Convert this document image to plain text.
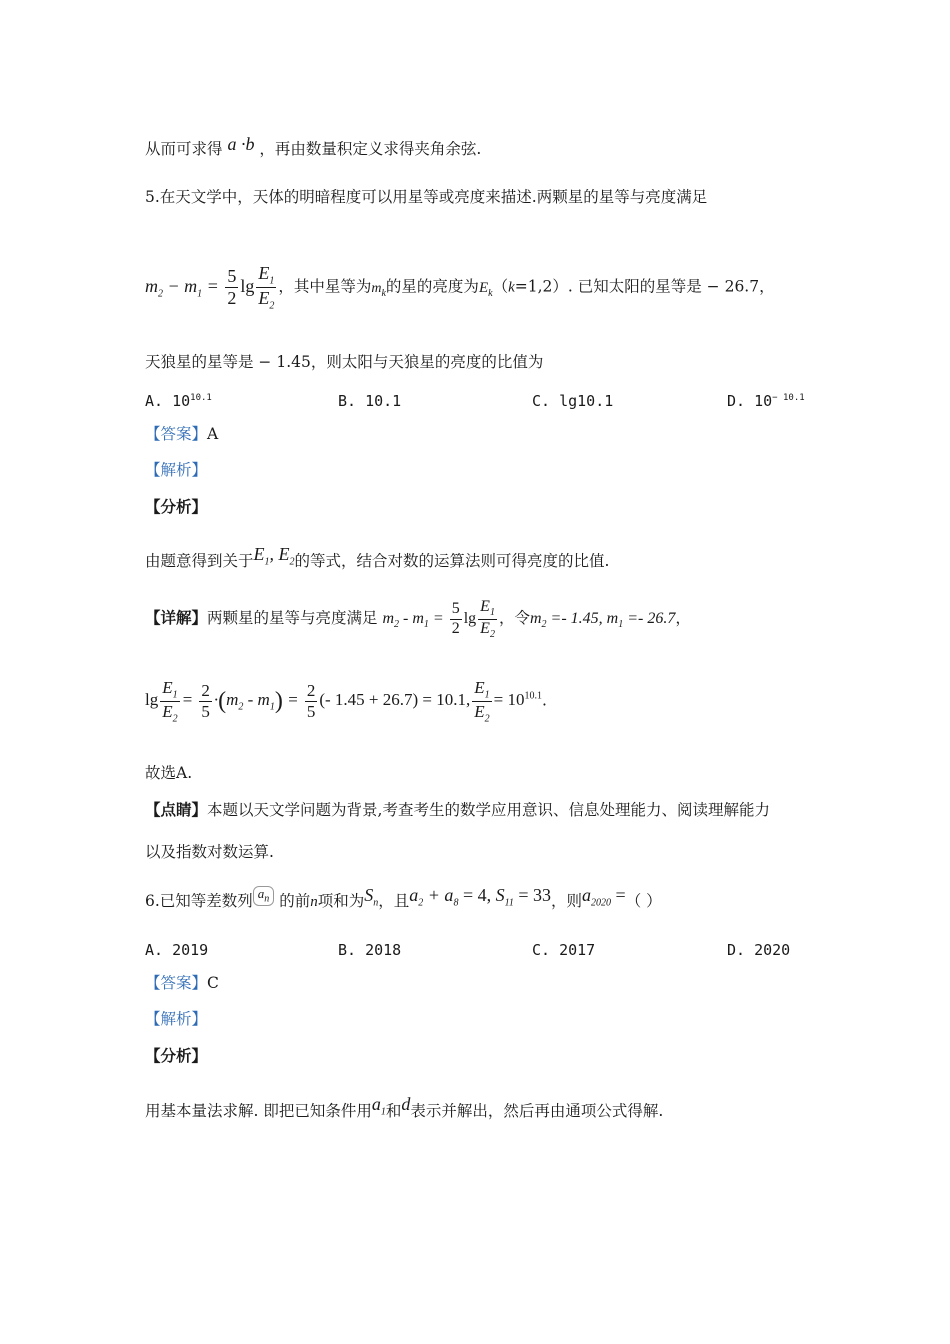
从而可求得 a ·b ，再由数量积定义求得夹角余弦.
5.在天文学中，天体的明暗程度可以用星等或亮度来描述.两颗星的星等与亮度满足
$m_2 - m_1 = \frac{5}{2}$ $\lg \frac{E_1}{E_2}$ ，其中星等为$m_k$的星的亮度为$E_k(k=1,2)$. 已知太阳的星等是 − 26.7，
天狼星的星等是 − 1.45，则太阳与天狼星的亮度的比值为
A. $10^{10.1}$	B. 10.1	C. lg10.1	D. $10^{- 10.1}$
【答案】A
【解析】
【分析】
由题意得到关于$E_1$, $E_2$的等式，结合对数的运算法则可得亮度的比值.
【详解】两颗星的星等与亮度满足 $m_2 - m_1 = \frac{5}{2}$ $\lg \frac{E_1}{E_2}$ ，令$m_2 =- 1.45$, $m_1 =- 26.7$，
$\lg \frac{E_1}{E_2} = \frac{2}{5} \cdot(m_2 - m_1) = \frac{2}{5}$ (- 1.45 + 26.7) = 10.1, $\frac{E_1}{E_2} = 10^{10.1}$.
故选A.
【点睛】本题以天文学问题为背景,考查考生的数学应用意识、信息处理能力、阅读理解能力
以及指数对数运算.
6.已知等差数列 $a_n$ 的前n项和为$S_n$，且$a_2 + a_8 = 4$, $S_{11} = 33$，则$a_{2020}$ =（ ）
A. 2019	B. 2018	C. 2017	D. 2020
【答案】C
【解析】
【分析】
用基本量法求解. 即把已知条件用$a_1$和d表示并解出，然后再由通项公式得解.
